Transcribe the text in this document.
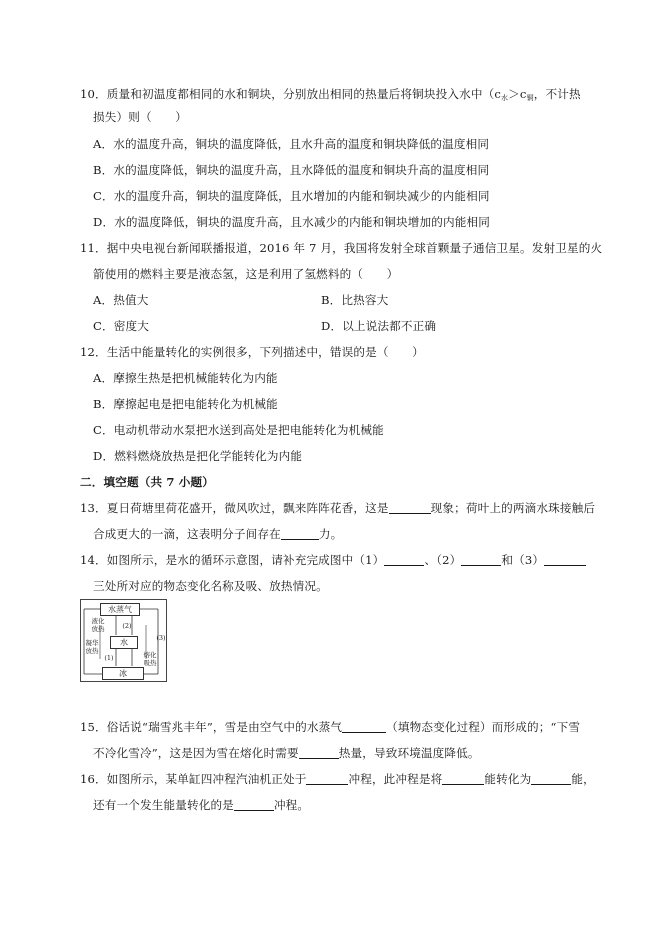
10．质量和初温度都相同的水和铜块，分别放出相同的热量后将铜块投入水中（$c_水>c_铜$，不计热
损失）则（　　）
A．水的温度升高，铜块的温度降低，且水升高的温度和铜块降低的温度相同
B．水的温度降低，铜块的温度升高，且水降低的温度和铜块升高的温度相同
C．水的温度升高，铜块的温度降低，且水增加的内能和铜块减少的内能相同
D．水的温度降低，铜块的温度升高，且水减少的内能和铜块增加的内能相同
11．据中央电视台新闻联播报道，2016 年 7 月，我国将发射全球首颗量子通信卫星。发射卫星的火
箭使用的燃料主要是液态氢，这是利用了氢燃料的（　　）
A．热值大	B．比热容大
C．密度大	D．以上说法都不正确
12．生活中能量转化的实例很多，下列描述中，错误的是（　　）
A．摩擦生热是把机械能转化为内能
B．摩擦起电是把电能转化为机械能
C．电动机带动水泵把水送到高处是把电能转化为机械能
D．燃料燃烧放热是把化学能转化为内能
二．填空题（共 7 小题）
13．夏日荷塘里荷花盛开，微风吹过，飘来阵阵花香，这是	现象；荷叶上的两滴水珠接触后
合成更大的一滴，这表明分子间存在	力。
14．如图所示，是水的循环示意图，请补充完成图中（1）	、（2）	和（3）
三处所对应的物态变化名称及吸、放热情况。
水蒸气
水
冰
液化
放热
凝华
放热	熔化
吸热
(1)
(2)
(3)
15．俗话说“瑞雪兆丰年”，雪是由空气中的水蒸气	（填物态变化过程）而形成的；“下雪
不冷化雪冷”，这是因为雪在熔化时需要	热量，导致环境温度降低。
16．如图所示，某单缸四冲程汽油机正处于	冲程，此冲程是将	能转化为	能，
还有一个发生能量转化的是	冲程。
